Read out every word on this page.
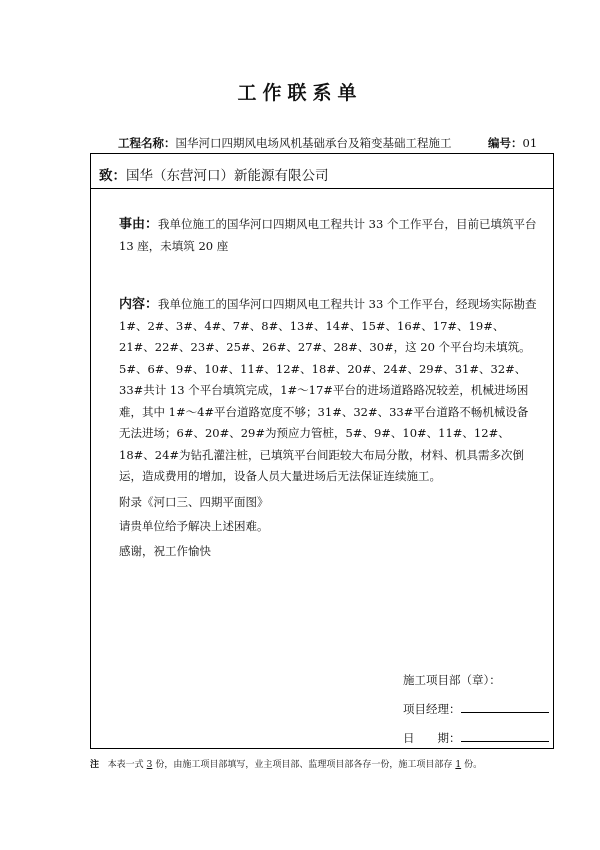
工作联系单
工程名称：国华河口四期风电场风机基础承台及箱变基础工程施工	编号：01
致：国华（东营河口）新能源有限公司
事由：我单位施工的国华河口四期风电工程共计 33 个工作平台，目前已填筑平台 13 座，未填筑 20 座
内容：我单位施工的国华河口四期风电工程共计 33 个工作平台，经现场实际勘查 1#、2#、3#、4#、7#、8#、13#、14#、15#、16#、17#、19#、21#、22#、23#、25#、26#、27#、28#、30#，这 20 个平台均未填筑。5#、6#、9#、10#、11#、12#、18#、20#、24#、29#、31#、32#、33#共计 13 个平台填筑完成，1#～17#平台的进场道路路况较差，机械进场困难，其中 1#～4#平台道路宽度不够；31#、32#、33#平台道路不畅机械设备无法进场；6#、20#、29#为预应力管桩，5#、9#、10#、11#、12#、18#、24#为钻孔灌注桩，已填筑平台间距较大布局分散，材料、机具需多次倒运，造成费用的增加，设备人员大量进场后无法保证连续施工。
附录《河口三、四期平面图》
请贵单位给予解决上述困难。
感谢，祝工作愉快
施工项目部（章）：
项目经理：
日　　期：
注 本表一式 3 份，由施工项目部填写，业主项目部、监理项目部各存一份，施工项目部存 1 份。
